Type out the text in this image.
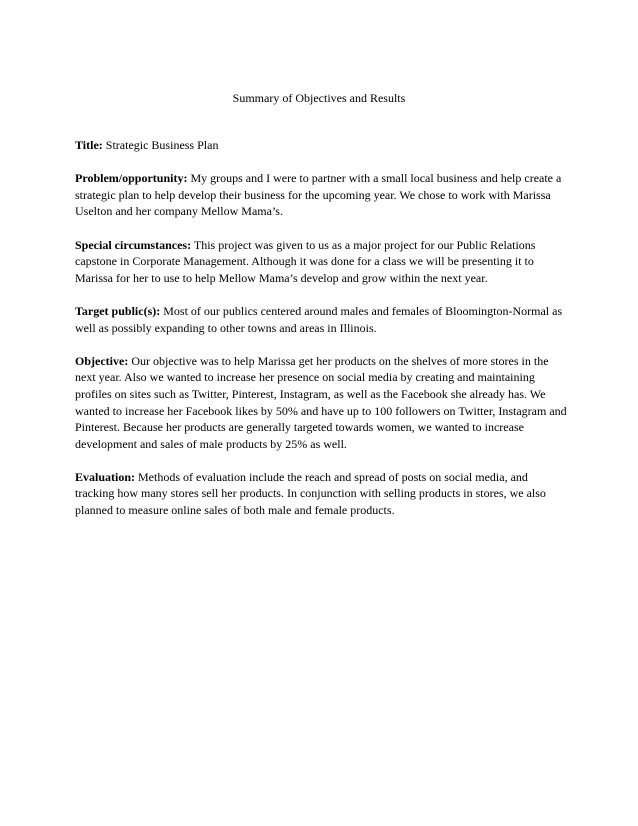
Summary of Objectives and Results

Title: Strategic Business Plan

Problem/opportunity: My groups and I were to partner with a small local business and help create a strategic plan to help develop their business for the upcoming year. We chose to work with Marissa Uselton and her company Mellow Mama’s.

Special circumstances: This project was given to us as a major project for our Public Relations capstone in Corporate Management. Although it was done for a class we will be presenting it to Marissa for her to use to help Mellow Mama’s develop and grow within the next year.

Target public(s): Most of our publics centered around males and females of Bloomington-Normal as well as possibly expanding to other towns and areas in Illinois.

Objective: Our objective was to help Marissa get her products on the shelves of more stores in the next year. Also we wanted to increase her presence on social media by creating and maintaining profiles on sites such as Twitter, Pinterest, Instagram, as well as the Facebook she already has. We wanted to increase her Facebook likes by 50% and have up to 100 followers on Twitter, Instagram and Pinterest. Because her products are generally targeted towards women, we wanted to increase development and sales of male products by 25% as well.

Evaluation: Methods of evaluation include the reach and spread of posts on social media, and tracking how many stores sell her products. In conjunction with selling products in stores, we also planned to measure online sales of both male and female products.
